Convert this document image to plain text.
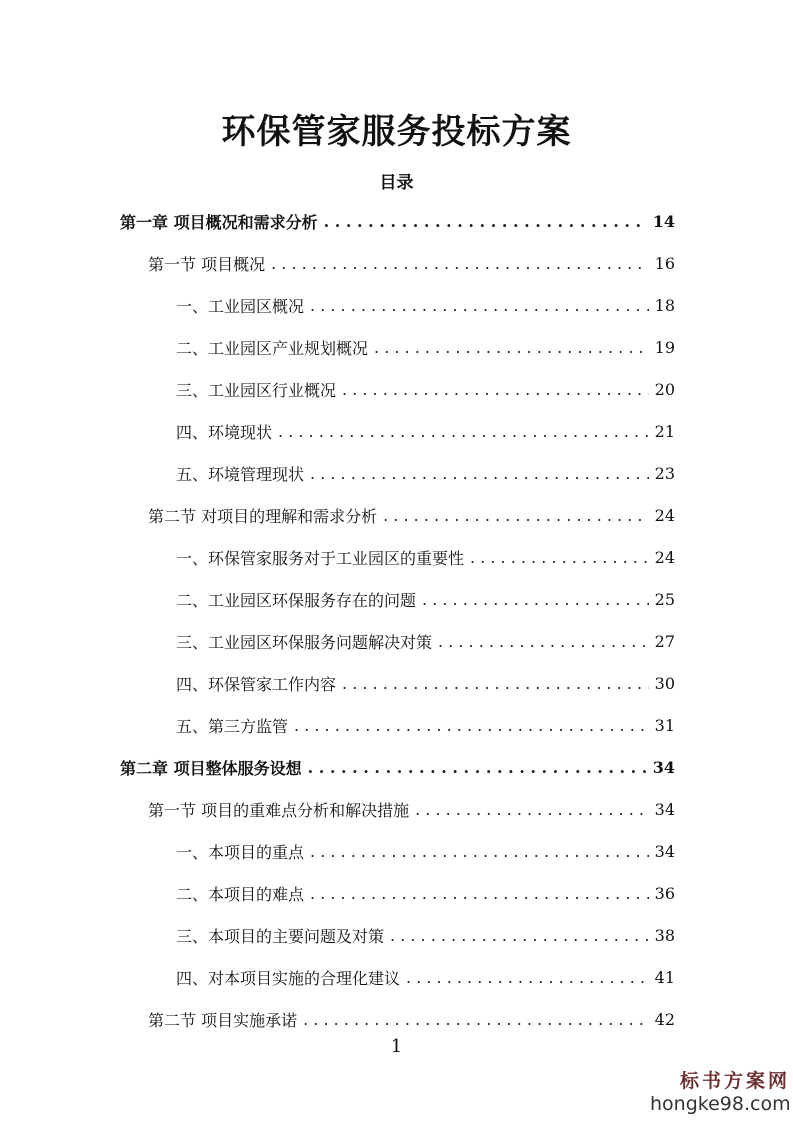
环保管家服务投标方案
目录
第一章 项目概况和需求分析 . . .	14
第一节 项目概况 . . .	16
一、工业园区概况 . . .	18
二、工业园区产业规划概况 . . .	19
三、工业园区行业概况 . . .	20
四、环境现状 . . .	21
五、环境管理现状 . . .	23
第二节 对项目的理解和需求分析 . . .	24
一、环保管家服务对于工业园区的重要性 . . .	24
二、工业园区环保服务存在的问题 . . .	25
三、工业园区环保服务问题解决对策 . . .	27
四、环保管家工作内容 . . .	30
五、第三方监管 . . .	31
第二章 项目整体服务设想 . . .	34
第一节 项目的重难点分析和解决措施 . . .	34
一、本项目的重点 . . .	34
二、本项目的难点 . . .	36
三、本项目的主要问题及对策 . . .	38
四、对本项目实施的合理化建议 . . .	41
第二节 项目实施承诺 . . .	42
1
标书方案网
hongke98.com
